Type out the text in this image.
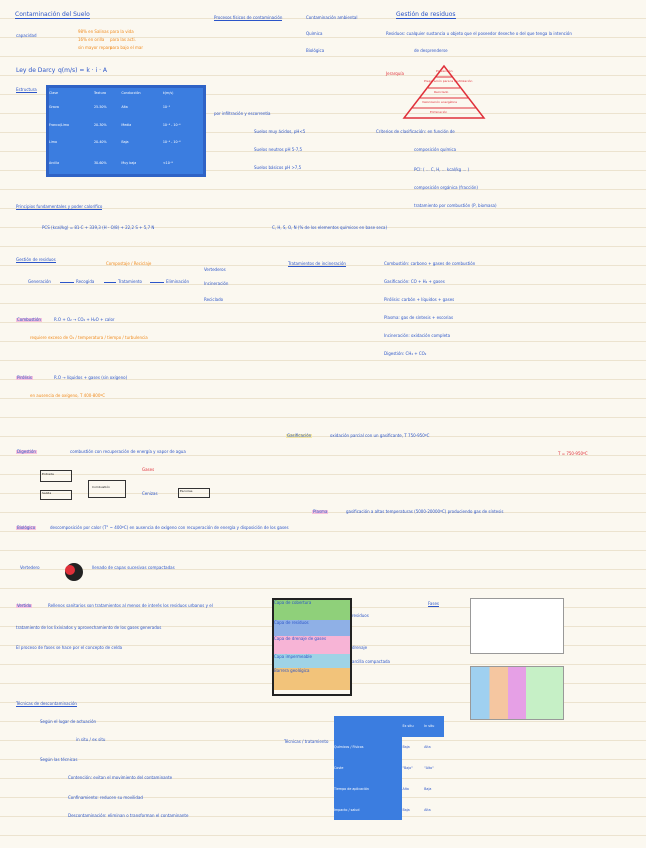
Contaminación del Suelo
capacidad
98% en Salinas
16% en orilla
sin mayor reparo
para la vida
para las acti.
para bajo el mar
Ley de Darcy q(m/s) = k · i · A
Estructura
Clase	Textura	Conducción	k(m/s)
Grava	25-50%	Alta	10⁻²
Franco/Limo	20-30%	Media	10⁻⁴ - 10⁻⁶
Limo	20-40%	Baja	10⁻⁶ - 10⁻⁸
Arcilla	30-60%	Muy baja	<10⁻⁸
por infiltración y escorrentía
Suelos muy ácidos, pH<5
Suelos neutros pH 5-7,5
Suelos básicos pH >7,5
Principios fundamentales y poder calorífico
PCS (kcal/kg) = 81·C + 339,3 (H - O/8) + 22,2 S + 5,7 N	C, H, S, O, N (% de los elementos químicos en base seca)
Procesos físicos de contaminación	Contaminación ambiental
Química
Biológica
Gestión de residuos
Residuos: cualquier sustancia u objeto que el poseedor deseche o del que tenga la intención
de desprenderse
Jerarquía	Prevención
Preparación para la reutilización
Reciclado
Valorización energética
Eliminación
Criterios de clasificación: en función de
composición química
PCI: ( ... C, H, ... kcal/kg ... )
composición orgánica (fracción)
tratamiento por combustión (P, biomasa)
Gestión de residuos
Generación	Recogida	Tratamiento	Eliminación
Compostaje / Reciclaje
Vertederos
Incineración
Reciclado
Tratamientos de incineración	Combustión: carbono + gases de combustión
Gasificación: CO + H₂ + gases
Pirólisis: carbón + líquidos + gases
Plasma: gas de síntesis + escorias
Incineración: oxidación completa
Digestión: CH₄ + CO₂
Combustión	R.O + O₂ → CO₂ + H₂O + calor
requiere exceso de O₂ / temperatura / tiempo / turbulencia
Pirólisis	R.O → líquidos + gases (sin oxígeno)
en ausencia de oxígeno, T 400-800ºC
Gasificación	oxidación parcial con un gasificante, T 750-950ºC
T = 750-950ºC
Plasma	gasificación a altas temperaturas (5000-20000ºC) produciendo gas de síntesis
Digestión	combustión con recuperación de energía y vapor de agua
Entrada
Combustión
Salida
Gases
Cenizas	Escorias
Biológico	descomposición por calor (T° ~ 400ºC) en ausencia de oxígeno con recuperación de energía y disposición de los gases
Vertedero	llenado de capas sucesivas compactadas
Vertido	Rellenos sanitarios son tratamientos al menos de interés los residuos urbanos y el
tratamiento de los lixiviados y aprovechamiento de los gases generados
El proceso de fases se hace por el concepto de celda
Capa de cobertura
Capa de residuos
Capa de drenaje de gases
Capa impermeable
Barrera geológica
residuos
drenaje
arcilla compactada
Fases
Técnicas de descontaminación
Según el lugar de actuación
in situ / ex situ
Según las técnicas
Contención: evitan el movimiento del contaminante
Confinamiento: reducen su movilidad
Descontaminación: eliminan o transforman el contaminante
Técnicas / tratamiento
	Ex situ	In situ
Químicos / Físicos	Baja	Alta
Coste	"Bajo"	"Alto"
Tiempo de aplicación	Alta	Baja
Impacto / salud	Baja	Alta
